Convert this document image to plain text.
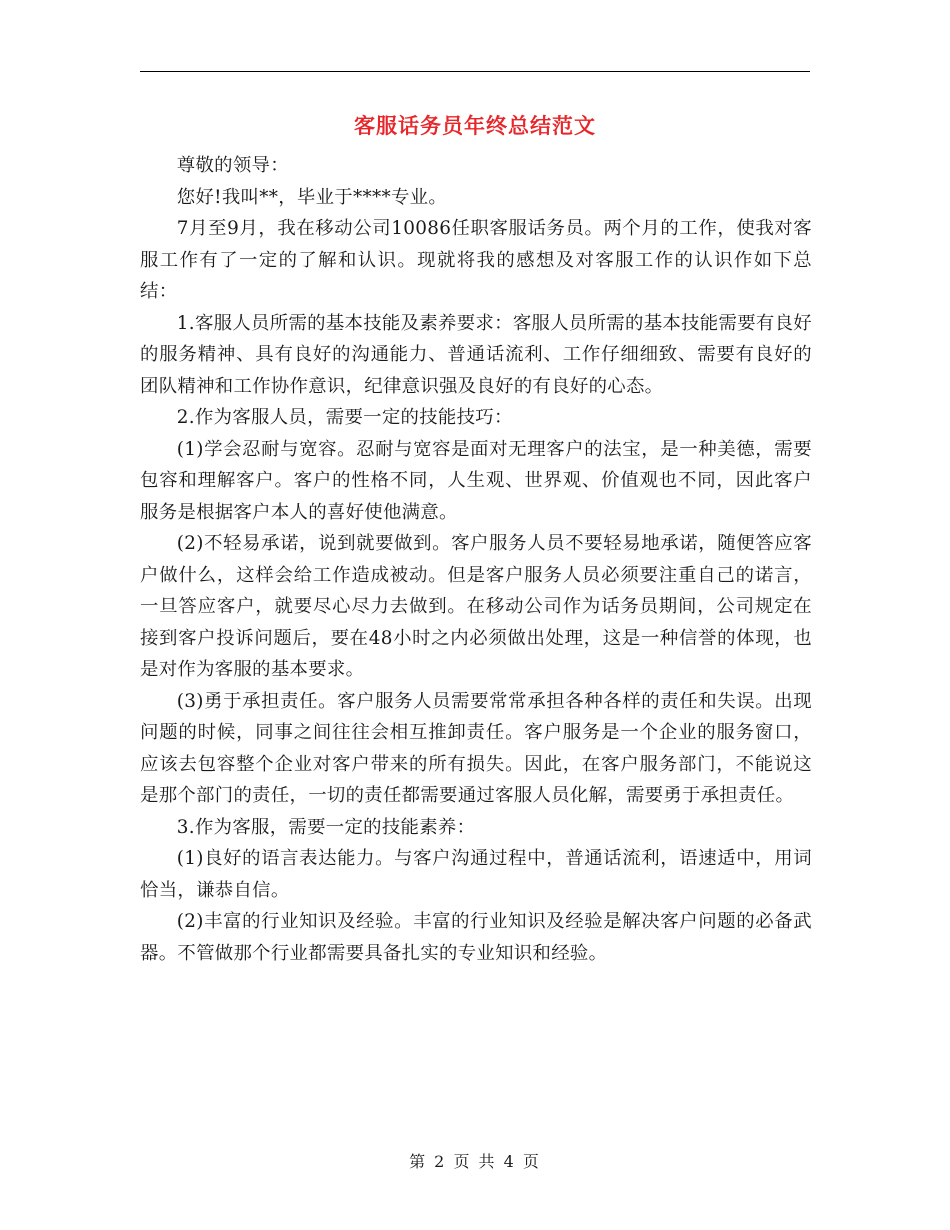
客服话务员年终总结范文

尊敬的领导：

您好!我叫**，毕业于****专业。

7月至9月，我在移动公司10086任职客服话务员。两个月的工作，使我对客服工作有了一定的了解和认识。现就将我的感想及对客服工作的认识作如下总结：

1.客服人员所需的基本技能及素养要求：客服人员所需的基本技能需要有良好的服务精神、具有良好的沟通能力、普通话流利、工作仔细细致、需要有良好的团队精神和工作协作意识，纪律意识强及良好的有良好的心态。

2.作为客服人员，需要一定的技能技巧：

(1)学会忍耐与宽容。忍耐与宽容是面对无理客户的法宝，是一种美德，需要包容和理解客户。客户的性格不同，人生观、世界观、价值观也不同，因此客户服务是根据客户本人的喜好使他满意。

(2)不轻易承诺，说到就要做到。客户服务人员不要轻易地承诺，随便答应客户做什么，这样会给工作造成被动。但是客户服务人员必须要注重自己的诺言，一旦答应客户，就要尽心尽力去做到。在移动公司作为话务员期间，公司规定在接到客户投诉问题后，要在48小时之内必须做出处理，这是一种信誉的体现，也是对作为客服的基本要求。

(3)勇于承担责任。客户服务人员需要常常承担各种各样的责任和失误。出现问题的时候，同事之间往往会相互推卸责任。客户服务是一个企业的服务窗口，应该去包容整个企业对客户带来的所有损失。因此，在客户服务部门，不能说这是那个部门的责任，一切的责任都需要通过客服人员化解，需要勇于承担责任。

3.作为客服，需要一定的技能素养：

(1)良好的语言表达能力。与客户沟通过程中，普通话流利，语速适中，用词恰当，谦恭自信。

(2)丰富的行业知识及经验。丰富的行业知识及经验是解决客户问题的必备武器。不管做那个行业都需要具备扎实的专业知识和经验。

第 2 页 共 4 页
